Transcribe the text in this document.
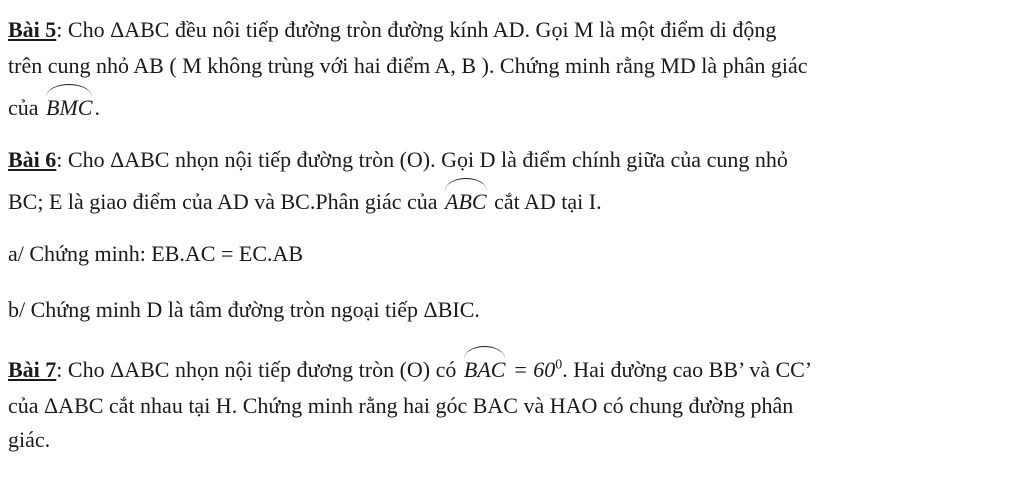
Bài 5: Cho ΔABC đều nôi tiếp đường tròn đường kính AD. Gọi M là một điểm di động
trên cung nhỏ AB ( M không trùng với hai điểm A, B ). Chứng minh rằng MD là phân giác
của BMC.
Bài 6: Cho ΔABC nhọn nội tiếp đường tròn (O). Gọi D là điểm chính giữa của cung nhỏ
BC; E là giao điểm của AD và BC.Phân giác của ABC cắt AD tại I.
a/ Chứng minh: EB.AC = EC.AB
b/ Chứng minh D là tâm đường tròn ngoại tiếp ΔBIC.
Bài 7: Cho ΔABC nhọn nội tiếp đương tròn (O) có BAC = $60^0$. Hai đường cao BB’ và CC’
của ΔABC cắt nhau tại H. Chứng minh rằng hai góc BAC và HAO có chung đường phân
giác.
